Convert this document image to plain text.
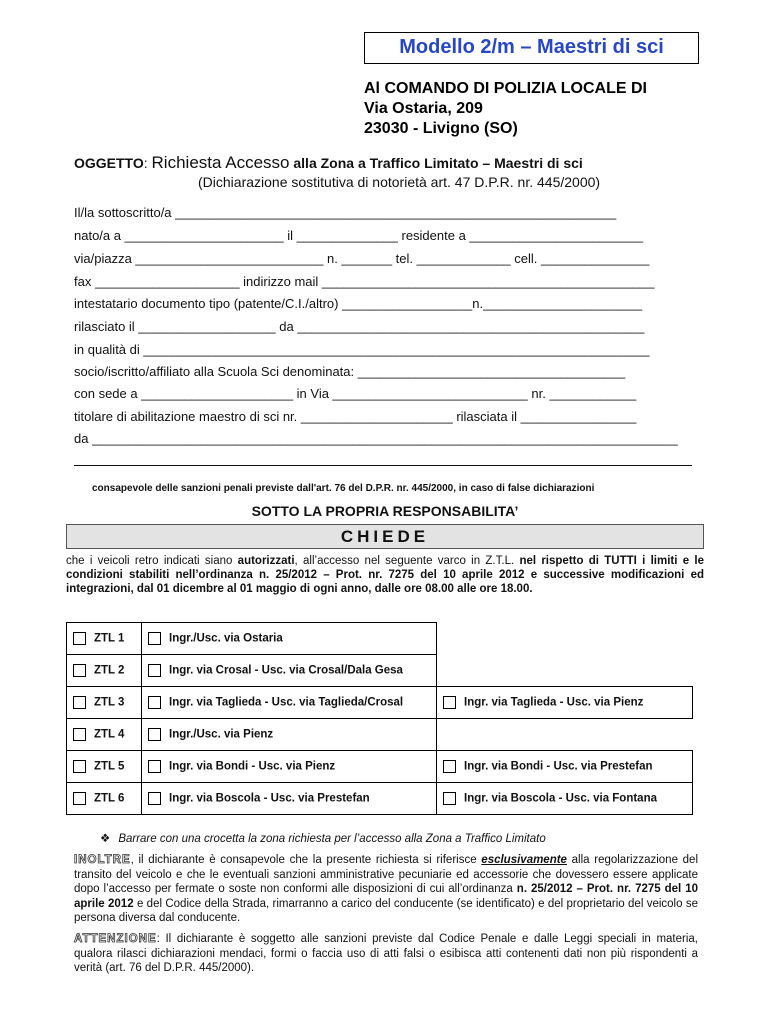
Modello 2/m – Maestri di sci
Al COMANDO DI POLIZIA LOCALE DI
Via Ostaria, 209
23030 - Livigno (SO)
OGGETTO: Richiesta Accesso alla Zona a Traffico Limitato – Maestri di sci
(Dichiarazione sostitutiva di notorietà art. 47 D.P.R. nr. 445/2000)
Il/la sottoscritto/a _____________________________________________________________
nato/a a ______________________ il ______________ residente a ________________________
via/piazza __________________________ n. _______ tel. _____________ cell. _______________
fax ____________________ indirizzo mail ______________________________________________
intestatario documento tipo (patente/C.I./altro) __________________n.______________________
rilasciato il ___________________ da ________________________________________________
in qualità di ______________________________________________________________________
socio/iscritto/affiliato alla Scuola Sci denominata: _____________________________________
con sede a _____________________ in Via ___________________________ nr. ____________
titolare di abilitazione maestro di sci nr. _____________________ rilasciata il ________________
da _________________________________________________________________________________
consapevole delle sanzioni penali previste dall'art. 76 del D.P.R. nr. 445/2000, in caso di false dichiarazioni
SOTTO LA PROPRIA RESPONSABILITA’
CHIEDE
che i veicoli retro indicati siano autorizzati, all’accesso nel seguente varco in Z.T.L. nel rispetto di TUTTI i limiti e le condizioni stabiliti nell’ordinanza n. 25/2012 – Prot. nr. 7275 del 10 aprile 2012 e successive modificazioni ed integrazioni, dal 01 dicembre al 01 maggio di ogni anno, dalle ore 08.00 alle ore 18.00.
ZTL 1	Ingr./Usc. via Ostaria	
ZTL 2	Ingr. via Crosal - Usc. via Crosal/Dala Gesa	
ZTL 3	Ingr. via Taglieda - Usc. via Taglieda/Crosal	Ingr. via Taglieda - Usc. via Pienz
ZTL 4	Ingr./Usc. via Pienz	
ZTL 5	Ingr. via Bondi - Usc. via Pienz	Ingr. via Bondi - Usc. via Prestefan
ZTL 6	Ingr. via Boscola - Usc. via Prestefan	Ingr. via Boscola - Usc. via Fontana
❖ Barrare con una crocetta la zona richiesta per l’accesso alla Zona a Traffico Limitato
INOLTRE, il dichiarante è consapevole che la presente richiesta si riferisce esclusivamente alla regolarizzazione del transito del veicolo e che le eventuali sanzioni amministrative pecuniarie ed accessorie che dovessero essere applicate dopo l’accesso per fermate o soste non conformi alle disposizioni di cui all’ordinanza n. 25/2012 – Prot. nr. 7275 del 10 aprile 2012 e del Codice della Strada, rimarranno a carico del conducente (se identificato) e del proprietario del veicolo se persona diversa dal conducente.
ATTENZIONE: Il dichiarante è soggetto alle sanzioni previste dal Codice Penale e dalle Leggi speciali in materia, qualora rilasci dichiarazioni mendaci, formi o faccia uso di atti falsi o esibisca atti contenenti dati non più rispondenti a verità (art. 76 del D.P.R. 445/2000).
